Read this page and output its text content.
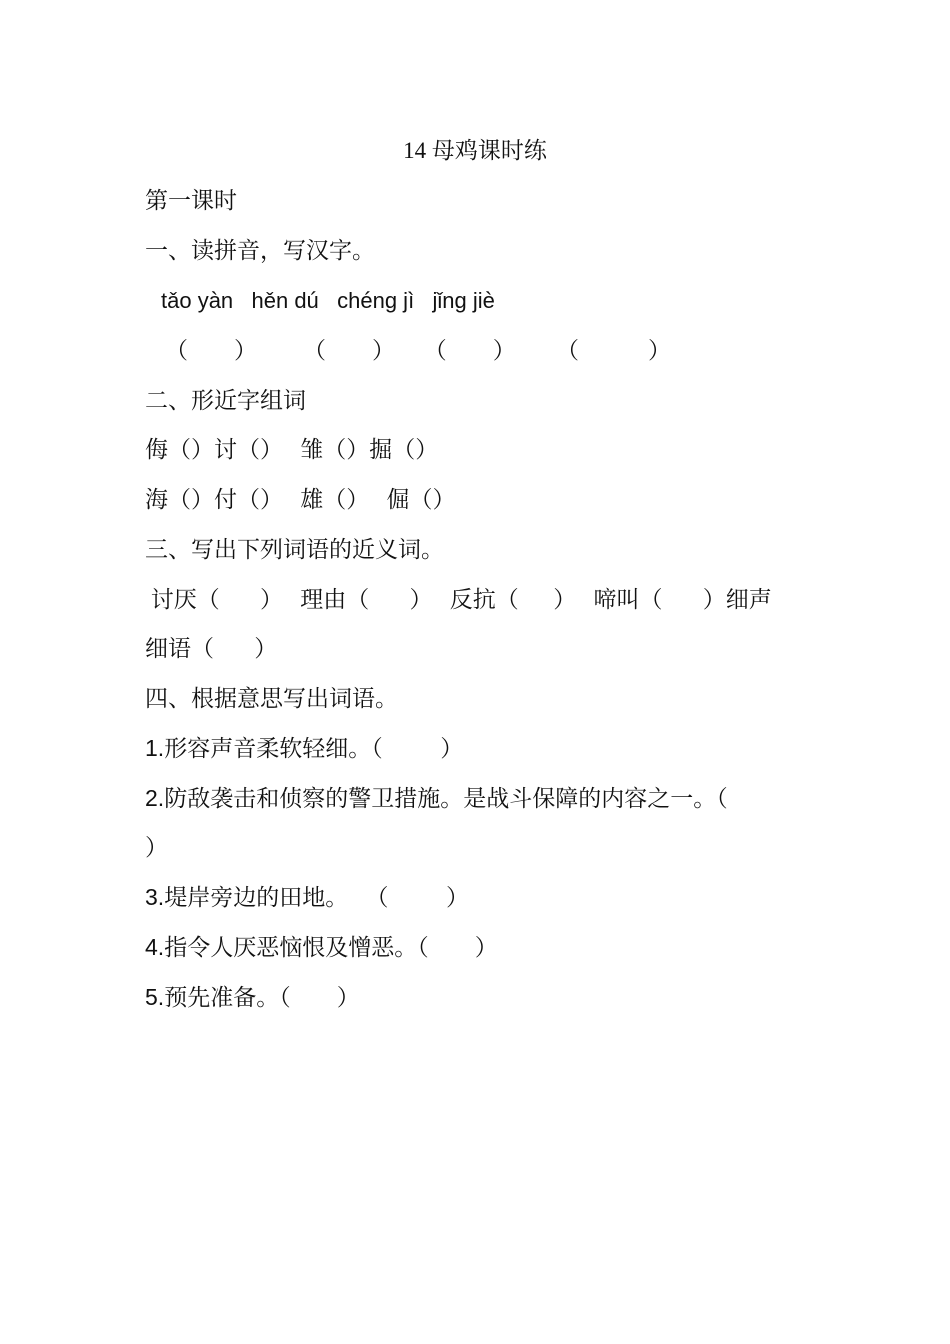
14 母鸡课时练
第一课时
一、读拼音，写汉字。
tǎo yàn   hěn dú   chéng jì   jǐng jiè
（        ）        （        ）     （        ）       （            ）
二、形近字组词
侮（）讨（）   雏（）掘（）
海（）付（）   雄（）   倔（）
三、写出下列词语的近义词。
讨厌（       ）   理由（       ）   反抗（      ）   啼叫（       ）细声
细语（       ）
四、根据意思写出词语。
1.形容声音柔软轻细。（          ）
2.防敌袭击和侦察的警卫措施。是战斗保障的内容之一。（
）
3.堤岸旁边的田地。   （          ）
4.指令人厌恶恼恨及憎恶。（        ）
5.预先准备。（        ）
